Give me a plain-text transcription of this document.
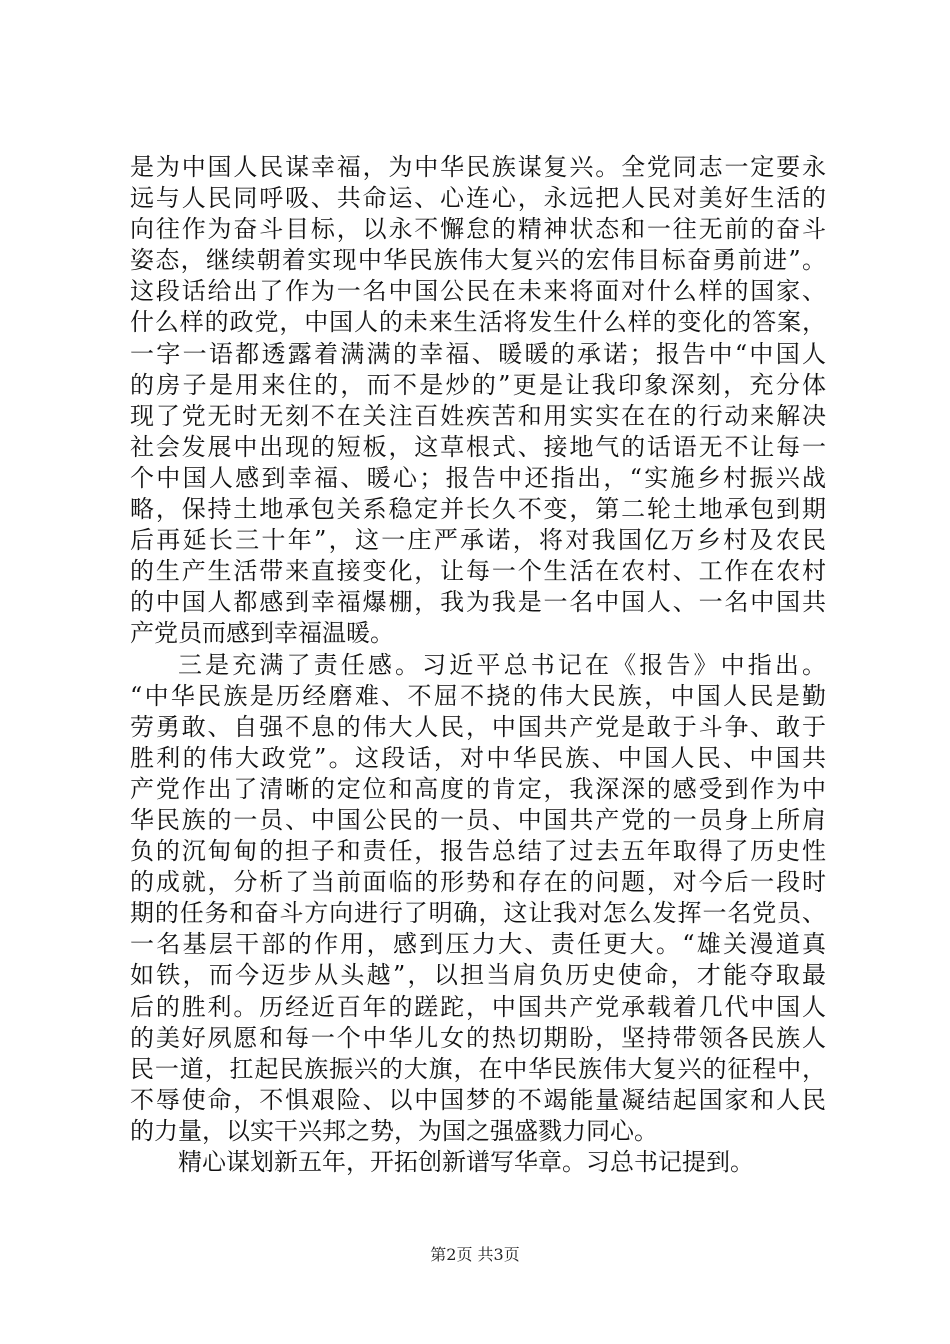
是为中国人民谋幸福，为中华民族谋复兴。全党同志一定要永
远与人民同呼吸、共命运、心连心，永远把人民对美好生活的
向往作为奋斗目标，以永不懈怠的精神状态和一往无前的奋斗
姿态，继续朝着实现中华民族伟大复兴的宏伟目标奋勇前进”。
这段话给出了作为一名中国公民在未来将面对什么样的国家、
什么样的政党，中国人的未来生活将发生什么样的变化的答案，
一字一语都透露着满满的幸福、暖暖的承诺；报告中“中国人
的房子是用来住的，而不是炒的”更是让我印象深刻，充分体
现了党无时无刻不在关注百姓疾苦和用实实在在的行动来解决
社会发展中出现的短板，这草根式、接地气的话语无不让每一
个中国人感到幸福、暖心；报告中还指出，“实施乡村振兴战
略，保持土地承包关系稳定并长久不变，第二轮土地承包到期
后再延长三十年”，这一庄严承诺，将对我国亿万乡村及农民
的生产生活带来直接变化，让每一个生活在农村、工作在农村
的中国人都感到幸福爆棚，我为我是一名中国人、一名中国共
产党员而感到幸福温暖。
三是充满了责任感。习近平总书记在《报告》中指出。
“中华民族是历经磨难、不屈不挠的伟大民族，中国人民是勤
劳勇敢、自强不息的伟大人民，中国共产党是敢于斗争、敢于
胜利的伟大政党”。这段话，对中华民族、中国人民、中国共
产党作出了清晰的定位和高度的肯定，我深深的感受到作为中
华民族的一员、中国公民的一员、中国共产党的一员身上所肩
负的沉甸甸的担子和责任，报告总结了过去五年取得了历史性
的成就，分析了当前面临的形势和存在的问题，对今后一段时
期的任务和奋斗方向进行了明确，这让我对怎么发挥一名党员、
一名基层干部的作用，感到压力大、责任更大。“雄关漫道真
如铁，而今迈步从头越”，以担当肩负历史使命，才能夺取最
后的胜利。历经近百年的蹉跎，中国共产党承载着几代中国人
的美好夙愿和每一个中华儿女的热切期盼，坚持带领各民族人
民一道，扛起民族振兴的大旗，在中华民族伟大复兴的征程中，
不辱使命，不惧艰险、以中国梦的不竭能量凝结起国家和人民
的力量，以实干兴邦之势，为国之强盛戮力同心。
精心谋划新五年，开拓创新谱写华章。习总书记提到。
第2页 共3页
